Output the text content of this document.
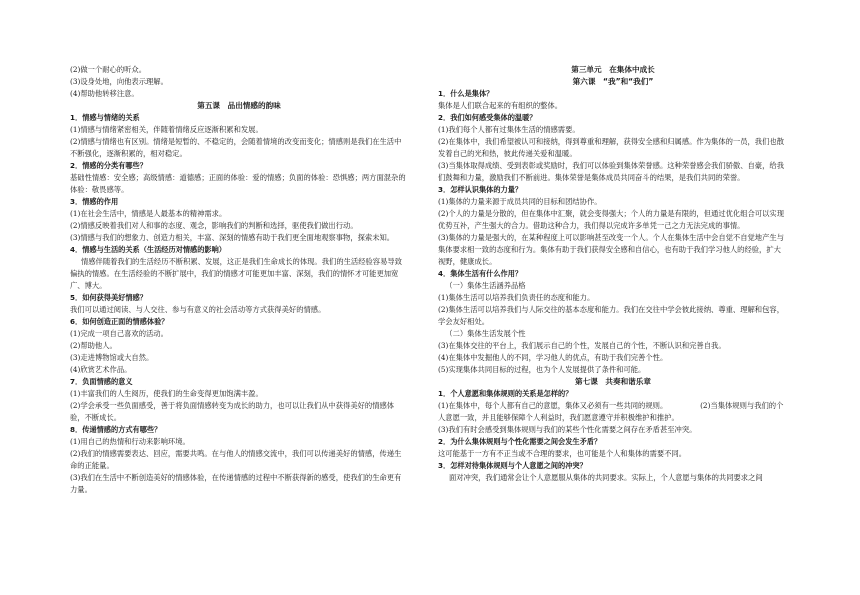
(2)做一个耐心的听众。
(3)设身处地，向他表示理解。
(4)帮助他转移注意。
第五课　品出情感的韵味
1．情感与情绪的关系
(1)情感与情绪紧密相关，伴随着情绪反应逐渐积累和发展。
(2)情感与情绪也有区别。情绪是短暂的、不稳定的，会随着情境的改变而变化；情感则是我们在生活中不断强化，逐渐积累的，相对稳定。
2．情感的分类有哪些？
基础性情感：安全感；高级情感：道德感；正面的体验：爱的情感；负面的体验：恐惧感；两方面混杂的体验：敬畏感等。
3．情感的作用
(1)在社会生活中，情感是人最基本的精神需求。
(2)情感反映着我们对人和事的态度、观念，影响我们的判断和选择，驱使我们做出行动。
(3)情感与我们的想象力、创造力相关，丰富、深刻的情感有助于我们更全面地观察事物，探索未知。
4．情感与生活的关系（生活经历对情感的影响）
情感伴随着我们的生活经历不断积累、发展，这正是我们生命成长的体现。我们的生活经验容易导致偏执的情感。在生活经验的不断扩展中，我们的情感才可能更加丰富、深刻，我们的情怀才可能更加宽广、博大。
5．如何获得美好情感？
我们可以通过阅读、与人交往、参与有意义的社会活动等方式获得美好的情感。
6．如何创造正面的情感体验？
(1)完成一项自己喜欢的活动。
(2)帮助他人。
(3)走进博物馆或大自然。
(4)欣赏艺术作品。
7．负面情感的意义
(1)丰富我们的人生阅历，使我们的生命变得更加饱满丰盈。
(2)学会承受一些负面感受，善于将负面情感转变为成长的助力，也可以让我们从中获得美好的情感体验，不断成长。
8．传递情感的方式有哪些？
(1)用自己的热情和行动来影响环境。
(2)我们的情感需要表达、回应，需要共鸣。在与他人的情感交流中，我们可以传递美好的情感，传递生命的正能量。
(3)我们在生活中不断创造美好的情感体验，在传递情感的过程中不断获得新的感受，使我们的生命更有力量。
第三单元　在集体中成长
第六课　“我”和“我们”
1．什么是集体？
集体是人们联合起来的有组织的整体。
2．我们如何感受集体的温暖？
(1)我们每个人都有过集体生活的情感需要。
(2)在集体中，我们希望被认可和接纳，得到尊重和理解，获得安全感和归属感。作为集体的一员，我们也散发着自己的光和热，彼此传递关爱和温暖。
(3)当集体取得成绩、受到表彰或奖励时，我们可以体验到集体荣誉感。这种荣誉感会我们骄傲、自豪，给我们鼓舞和力量，激励我们不断前进。集体荣誉是集体成员共同奋斗的结果，是我们共同的荣誉。
3．怎样认识集体的力量？
(1)集体的力量来源于成员共同的目标和团结协作。
(2)个人的力量是分散的，但在集体中汇聚，就会变得强大；个人的力量是有限的，但通过优化组合可以实现优势互补，产生强大的合力。借助这种合力，我们得以完成许多单凭一己之力无法完成的事情。
(3)集体的力量是强大的，在某种程度上可以影响甚至改变一个人。个人在集体生活中会自觉不自觉地产生与集体要求相一致的态度和行为。集体有助于我们获得安全感和自信心，也有助于我们学习他人的经验，扩大视野，健康成长。
4．集体生活有什么作用？
（一）集体生活涵养品格
(1)集体生活可以培养我们负责任的态度和能力。
(2)集体生活可以培养我们与人际交往的基本态度和能力。我们在交往中学会彼此接纳、尊重、理解和包容，学会友好相处。
（二）集体生活发展个性
(3)在集体交往的平台上，我们展示自己的个性，发展自己的个性，不断认识和完善自我。
(4)在集体中发掘他人的不同，学习他人的优点，有助于我们完善个性。
(5)实现集体共同目标的过程，也为个人发展提供了条件和可能。
第七课　共奏和谐乐章
1．个人意愿和集体规则的关系是怎样的？
(1)在集体中，每个人都有自己的意愿，集体又必须有一些共同的规则。　　　　　(2)当集体规则与我们的个人意愿一致，并且能够保障个人利益时，我们愿意遵守并积极维护和推护。
(3)我们有时会感受到集体规则与我们的某些个性化需要之间存在矛盾甚至冲突。
2．为什么集体规则与个性化需要之间会发生矛盾？
这可能基于一方有不正当或不合理的要求，也可能是个人和集体的需要不同。
3．怎样对待集体规则与个人意愿之间的冲突？
面对冲突，我们通常会让个人意愿服从集体的共同要求。实际上，个人意愿与集体的共同要求之间
